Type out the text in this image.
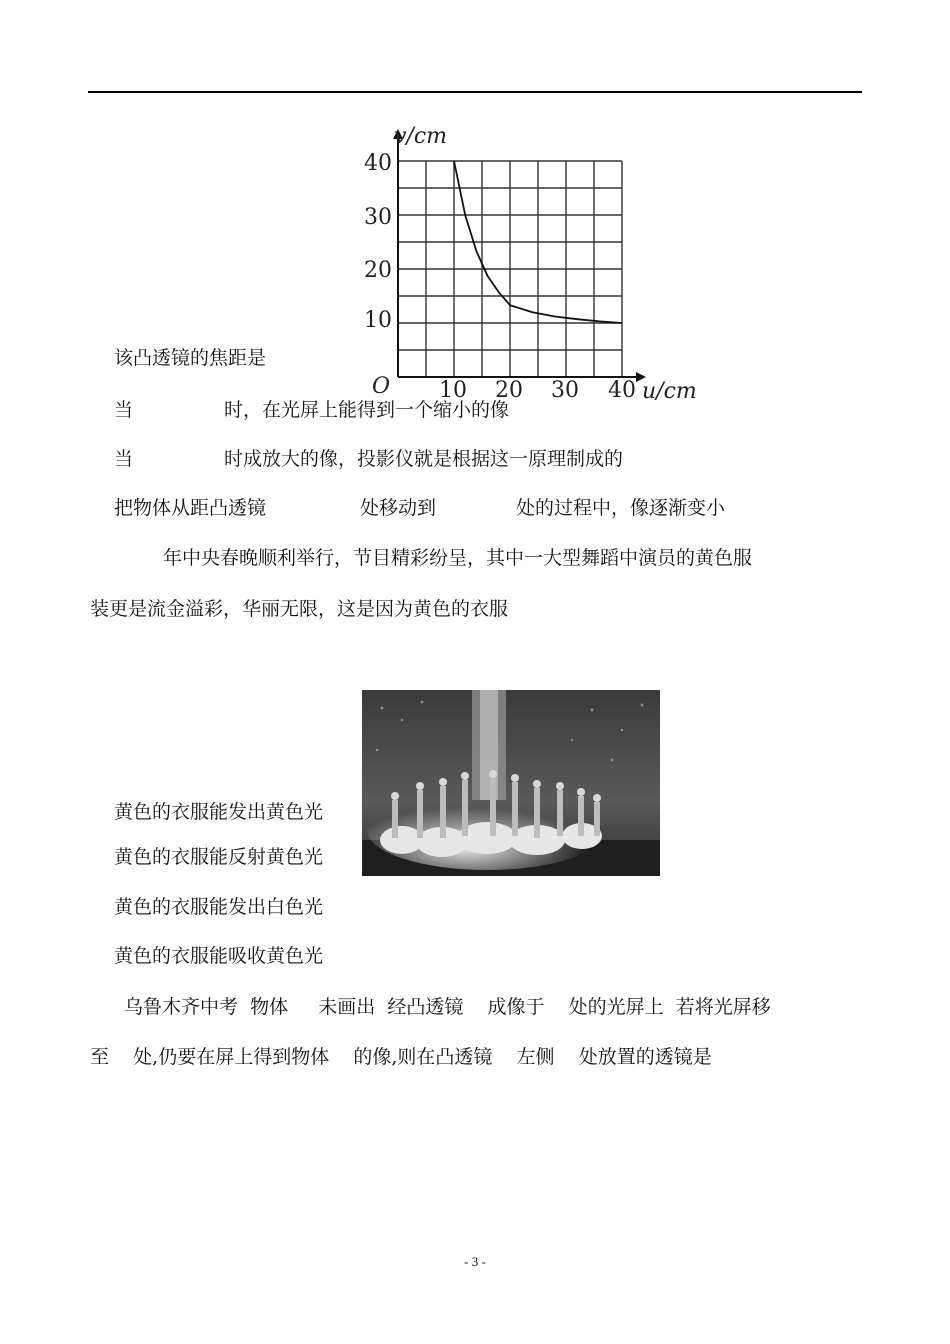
v/cm
u/cm
O 10 20 30 40
10
20
30
40
该凸透镜的焦距是
当	时，在光屏上能得到一个缩小的像
当	时成放大的像，投影仪就是根据这一原理制成的
把物体从距凸透镜	处移动到	处的过程中，像逐渐变小
年中央春晚顺利举行，节目精彩纷呈，其中一大型舞蹈中演员的黄色服
装更是流金溢彩，华丽无限，这是因为黄色的衣服
黄色的衣服能发出黄色光
黄色的衣服能反射黄色光
黄色的衣服能发出白色光
黄色的衣服能吸收黄色光
乌鲁木齐中考  物体     未画出  经凸透镜    成像于    处的光屏上  若将光屏移
至    处,仍要在屏上得到物体    的像,则在凸透镜    左侧    处放置的透镜是
- 3 -
